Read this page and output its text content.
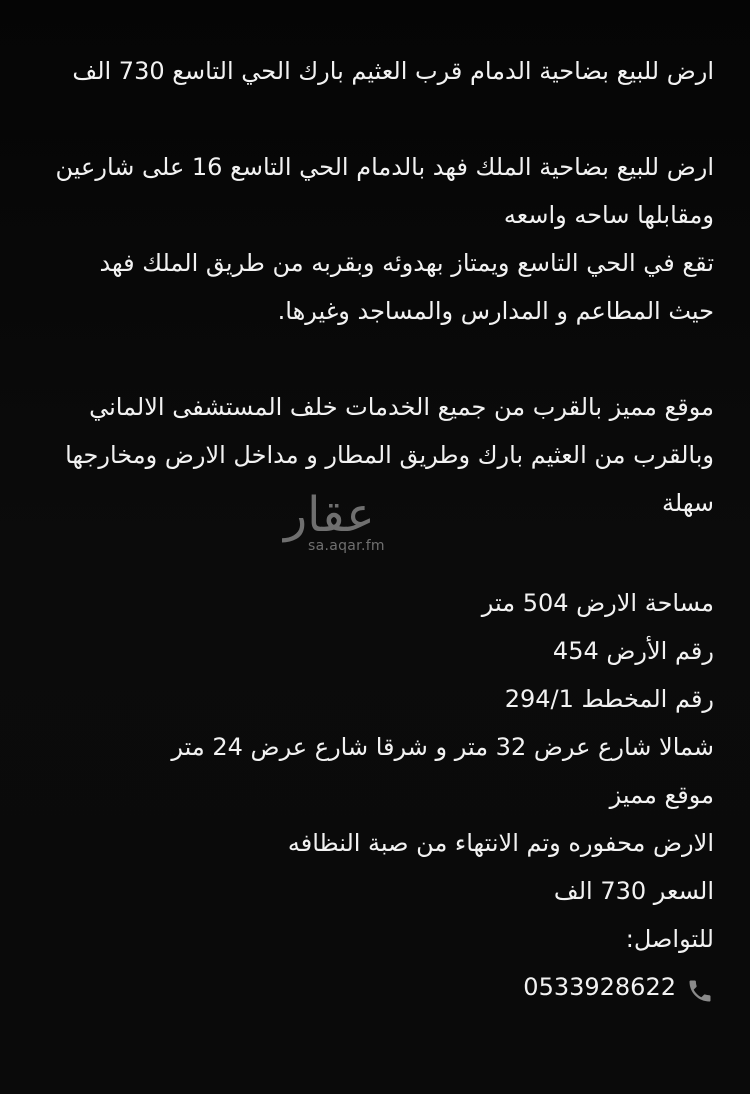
ارض للبيع بضاحية الدمام قرب العثيم بارك الحي التاسع 730 الف
ارض للبيع بضاحية الملك فهد بالدمام الحي التاسع 16 على شارعين
ومقابلها ساحه واسعه
تقع في الحي التاسع ويمتاز بهدوئه وبقربه من طريق الملك فهد
حيث المطاعم و المدارس والمساجد وغيرها.
موقع مميز بالقرب من جميع الخدمات خلف المستشفى الالماني
وبالقرب من العثيم بارك وطريق المطار و مداخل الارض ومخارجها
سهلة
مساحة الارض 504 متر
رقم الأرض 454
رقم المخطط 294/1
شمالا شارع عرض 32 متر و شرقا شارع عرض 24 متر
موقع مميز
الارض محفوره وتم الانتهاء من صبة النظافه
السعر 730 الف
للتواصل:
0533928622
عقار
sa.aqar.fm
